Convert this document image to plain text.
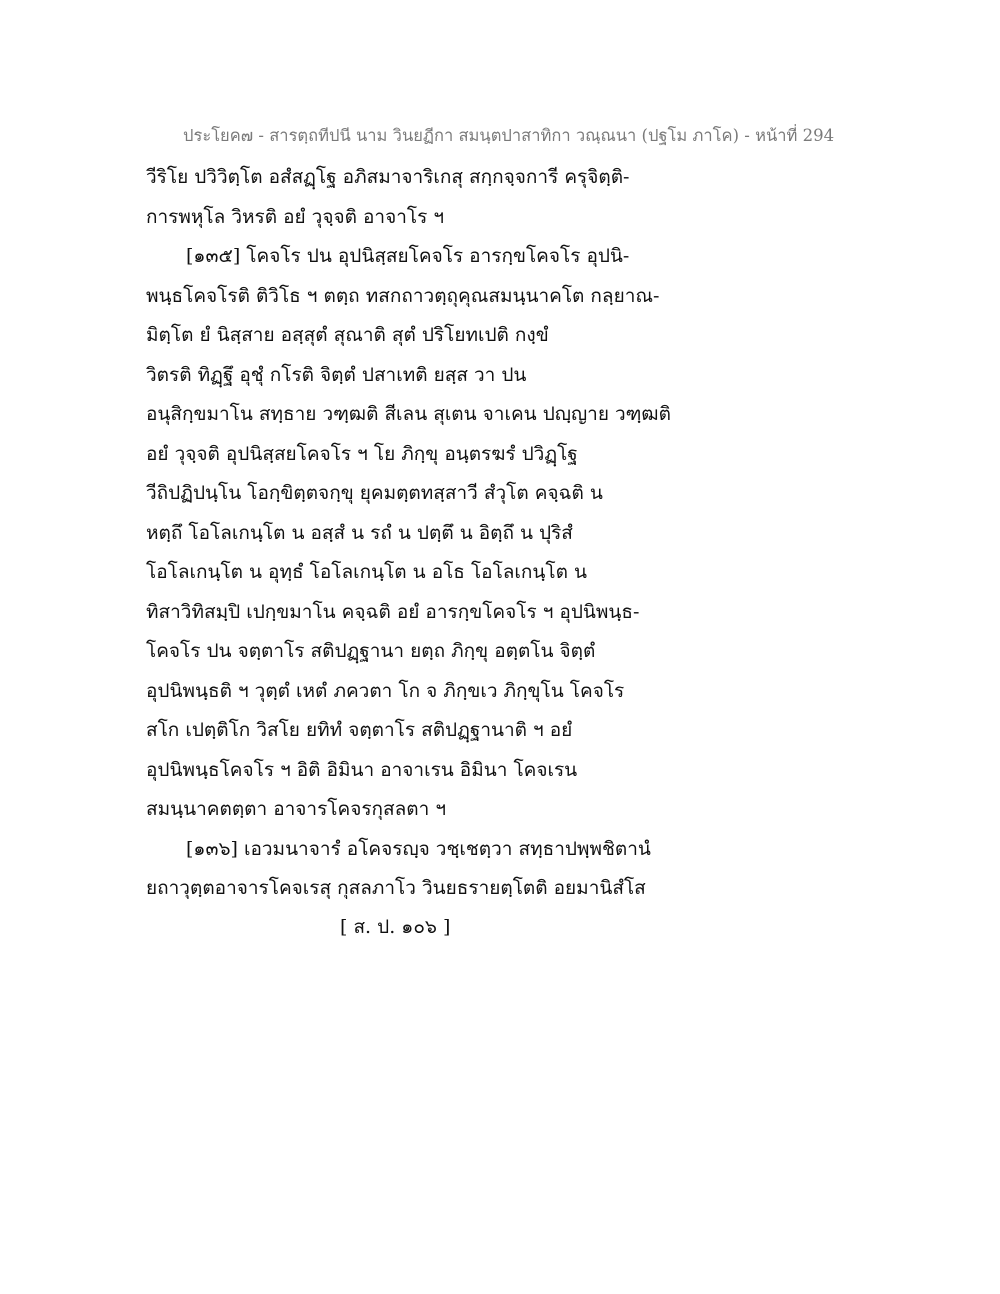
ประโยค๗ - สารตฺถทีปนี นาม วินยฏีกา สมนฺตปาสาทิกา วณฺณนา (ปฐโม ภาโค) - หน้าที่ 294
วีริโย ปวิวิตฺโต อสํสฏฺโฐ อภิสมาจาริเกสุ สกฺกจฺจการี ครุจิตฺติ-
การพหุโล วิหรติ อยํ วุจฺจติ อาจาโร ฯ
[๑๓๕] โคจโร ปน อุปนิสฺสยโคจโร อารกฺขโคจโร อุปนิ-
พนฺธโคจโรติ ติวิโธ ฯ ตตฺถ ทสกถาวตฺถุคุณสมนฺนาคโต กลฺยาณ-
มิตฺโต ยํ นิสฺสาย อสฺสุตํ สุณาติ สุตํ ปริโยทเปติ กงฺขํ
วิตรติ ทิฏฺฐึ อุชุํ กโรติ จิตฺตํ ปสาเทติ ยสฺส วา ปน
อนุสิกฺขมาโน สทฺธาย วฑฺฒติ สีเลน สุเตน จาเคน ปญฺญาย วฑฺฒติ
อยํ วุจฺจติ อุปนิสฺสยโคจโร ฯ โย ภิกฺขุ อนฺตรฆรํ ปวิฏฺโฐ
วีถิปฏิปนฺโน โอกฺขิตฺตจกฺขุ ยุคมตฺตทสฺสาวี สํวุโต คจฺฉติ น
หตฺถึ โอโลเกนฺโต น อสฺสํ น รถํ น ปตฺตึ น อิตฺถึ น ปุริสํ
โอโลเกนฺโต น อุทฺธํ โอโลเกนฺโต น อโธ โอโลเกนฺโต น
ทิสาวิทิสมฺปิ เปกฺขมาโน คจฺฉติ อยํ อารกฺขโคจโร ฯ อุปนิพนฺธ-
โคจโร ปน จตฺตาโร สติปฏฺฐานา ยตฺถ ภิกฺขุ อตฺตโน จิตฺตํ
อุปนิพนฺธติ ฯ วุตฺตํ เหตํ ภควตา โก จ ภิกฺขเว ภิกฺขุโน โคจโร
สโก เปตฺติโก วิสโย ยทิทํ จตฺตาโร สติปฏฺฐานาติ ฯ อยํ
อุปนิพนฺธโคจโร ฯ อิติ อิมินา อาจาเรน อิมินา โคจเรน
สมนฺนาคตตฺตา อาจารโคจรกุสลตา ฯ
[๑๓๖] เอวมนาจารํ อโคจรญฺจ วชฺเชตฺวา สทฺธาปพฺพชิตานํ
ยถาวุตฺตอาจารโคจเรสุ กุสลภาโว วินยธรายตฺโตติ อยมานิสํโส
[ ส. ป. ๑๐๖ ]
